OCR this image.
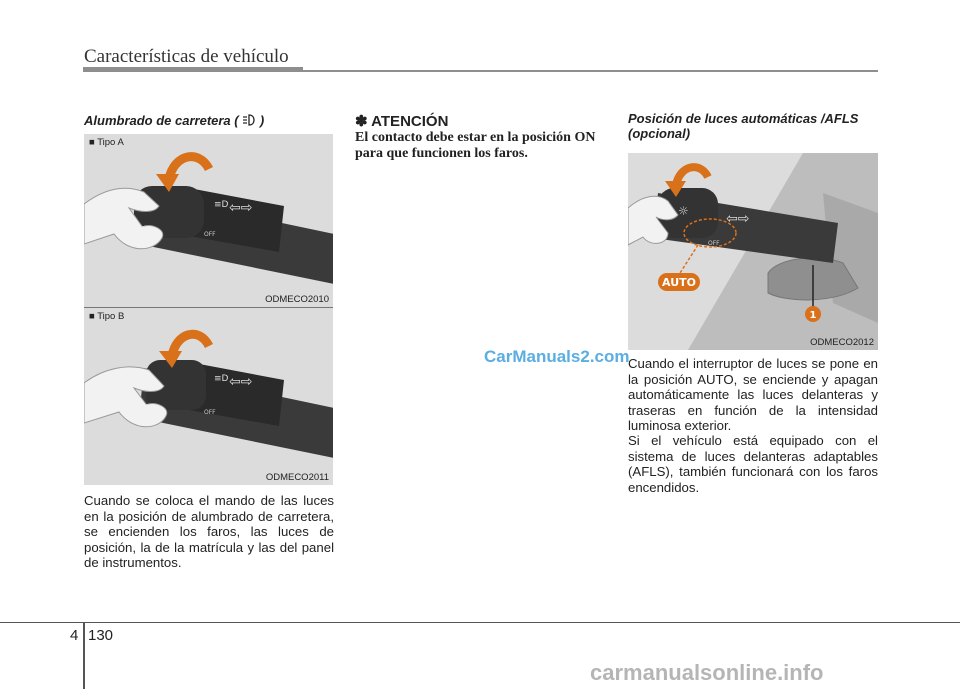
Características de vehículo
Alumbrado de carretera ( )
≡D ⇦⇨
OFF
■ Tipo A
ODMECO2010
≡D ⇦⇨
OFF
■ Tipo B
ODMECO2011
Cuando se coloca el mando de las luces en la posición de alumbrado de carretera, se encienden los faros, las luces de posición, la de la matrícula y las del panel de instrumentos.
✽ ATENCIÓN
El contacto debe estar en la posición ON para que funcionen los faros.
Posición de luces automáticas /AFLS (opcional)
1
☼	⇦⇨
OFF
AUTO
ODMECO2012
Cuando el interruptor de luces se pone en la posición AUTO, se enciende y apagan automáticamente las luces delanteras y traseras en función de la intensidad luminosa exterior.
Si el vehículo está equipado con el sistema de luces delanteras adaptables (AFLS), también funcionará con los faros encendidos.
CarManuals2.com
carmanualsonline.info
4 130
